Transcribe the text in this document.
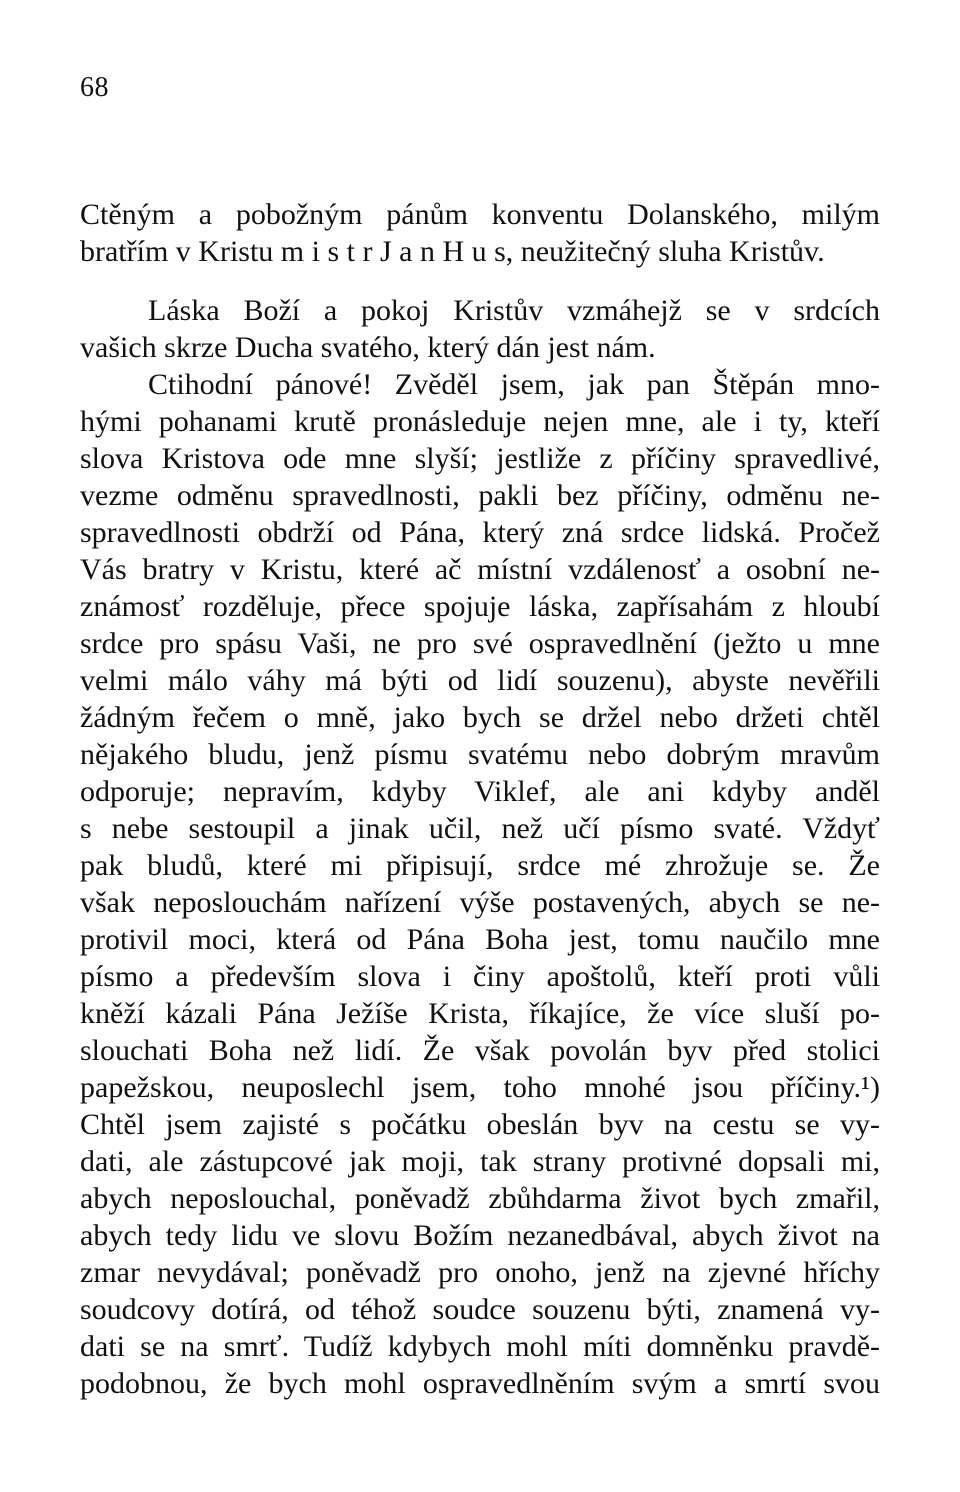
68
Ctěným a pobožným pánům konventu Dolanského, milým
bratřím v Kristu m i s t r J a n H u s, neužitečný sluha Kristův.
Láska Boží a pokoj Kristův vzmáhejž se v srdcích
vašich skrze Ducha svatého, který dán jest nám.
Ctihodní pánové! Zvěděl jsem, jak pan Štěpán mno-
hými pohanami krutě pronásleduje nejen mne, ale i ty, kteří
slova Kristova ode mne slyší; jestliže z příčiny spravedlivé,
vezme odměnu spravedlnosti, pakli bez příčiny, odměnu ne-
spravedlnosti obdrží od Pána, který zná srdce lidská. Pročež
Vás bratry v Kristu, které ač místní vzdálenosť a osobní ne-
známosť rozděluje, přece spojuje láska, zapřísahám z hloubí
srdce pro spásu Vaši, ne pro své ospravedlnění (ježto u mne
velmi málo váhy má býti od lidí souzenu), abyste nevěřili
žádným řečem o mně, jako bych se držel nebo držeti chtěl
nějakého bludu, jenž písmu svatému nebo dobrým mravům
odporuje; nepravím, kdyby Viklef, ale ani kdyby anděl
s nebe sestoupil a jinak učil, než učí písmo svaté. Vždyť
pak bludů, které mi připisují, srdce mé zhrožuje se. Že
však neposlouchám nařízení výše postavených, abych se ne-
protivil moci, která od Pána Boha jest, tomu naučilo mne
písmo a především slova i činy apoštolů, kteří proti vůli
kněží kázali Pána Ježíše Krista, říkajíce, že více sluší po-
slouchati Boha než lidí. Že však povolán byv před stolici
papežskou, neuposlechl jsem, toho mnohé jsou příčiny.¹)
Chtěl jsem zajisté s počátku obeslán byv na cestu se vy-
dati, ale zástupcové jak moji, tak strany protivné dopsali mi,
abych neposlouchal, poněvadž zbůhdarma život bych zmařil,
abych tedy lidu ve slovu Božím nezanedbával, abych život na
zmar nevydával; poněvadž pro onoho, jenž na zjevné hříchy
soudcovy dotírá, od téhož soudce souzenu býti, znamená vy-
dati se na smrť. Tudíž kdybych mohl míti domněnku pravdě-
podobnou, že bych mohl ospravedlněním svým a smrtí svou
